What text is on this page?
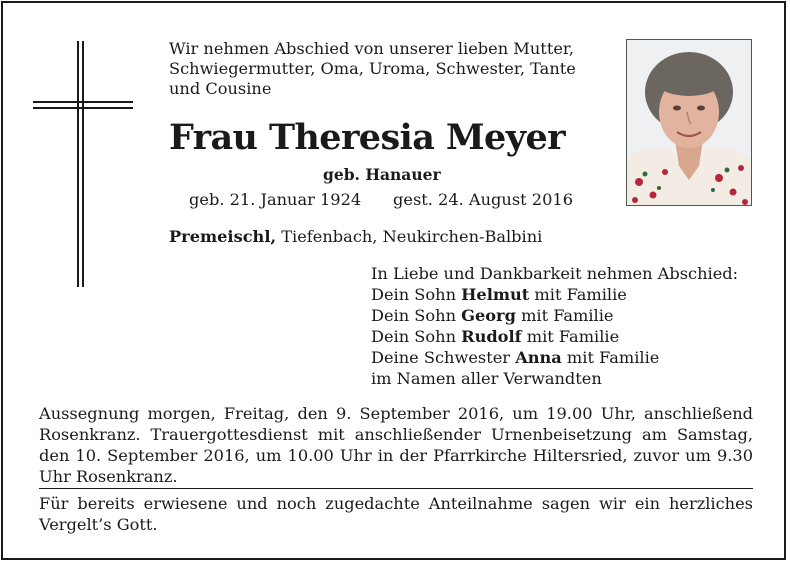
Wir nehmen Abschied von unserer lieben Mutter, Schwiegermutter, Oma, Uroma, Schwester, Tante und Cousine
Frau Theresia Meyer
geb. Hanauer
geb. 21. Januar 1924 gest. 24. August 2016
Premeischl, Tiefenbach, Neukirchen-Balbini
In Liebe und Dankbarkeit nehmen Abschied:
Dein Sohn Helmut mit Familie
Dein Sohn Georg mit Familie
Dein Sohn Rudolf mit Familie
Deine Schwester Anna mit Familie
im Namen aller Verwandten
Aussegnung morgen, Freitag, den 9. September 2016, um 19.00 Uhr, anschließend Rosenkranz. Trauergottesdienst mit anschließender Urnenbeisetzung am Samstag, den 10. September 2016, um 10.00 Uhr in der Pfarrkirche Hiltersried, zuvor um 9.30 Uhr Rosenkranz.
Für bereits erwiesene und noch zugedachte Anteilnahme sagen wir ein herzliches Vergelt’s Gott.
